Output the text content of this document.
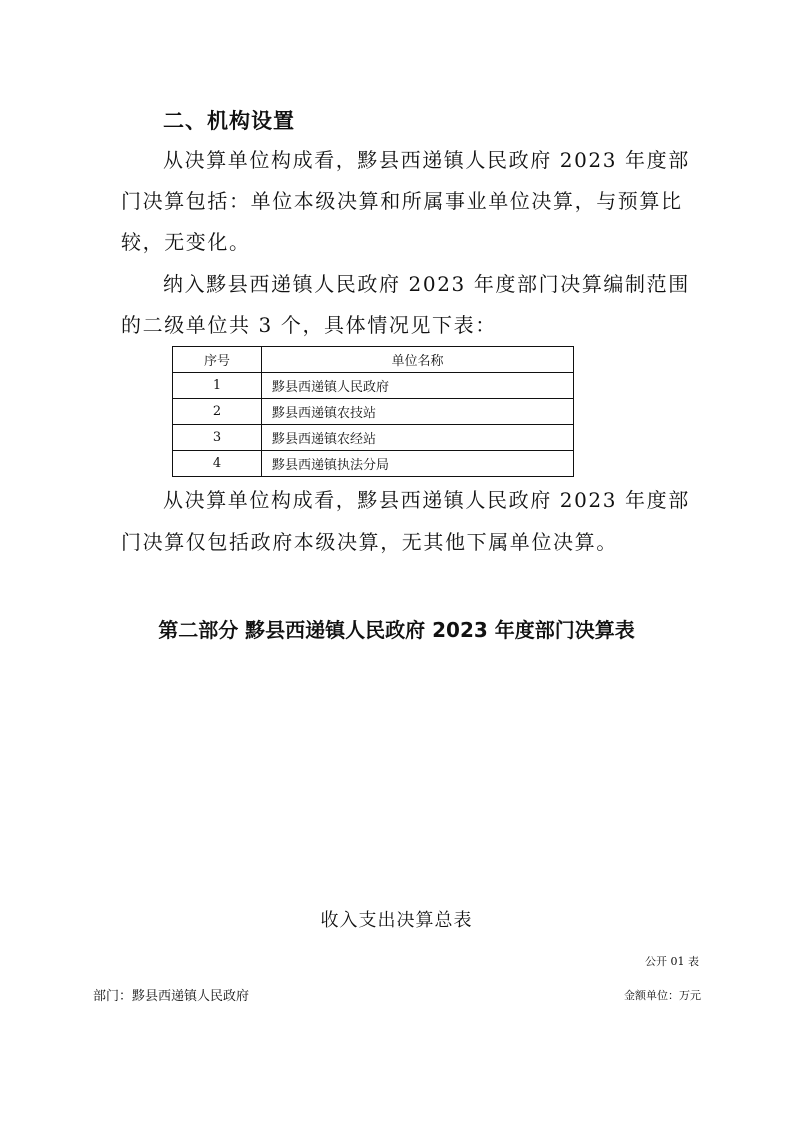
二、机构设置
从决算单位构成看，黟县西递镇人民政府 2023 年度部
门决算包括：单位本级决算和所属事业单位决算，与预算比
较，无变化。
纳入黟县西递镇人民政府 2023 年度部门决算编制范围
的二级单位共 3 个，具体情况见下表：
序号	单位名称
1	黟县西递镇人民政府
2	黟县西递镇农技站
3	黟县西递镇农经站
4	黟县西递镇执法分局
从决算单位构成看，黟县西递镇人民政府 2023 年度部
门决算仅包括政府本级决算，无其他下属单位决算。
第二部分 黟县西递镇人民政府 2023 年度部门决算表
收入支出决算总表
公开 01 表
部门：黟县西递镇人民政府	金额单位：万元
